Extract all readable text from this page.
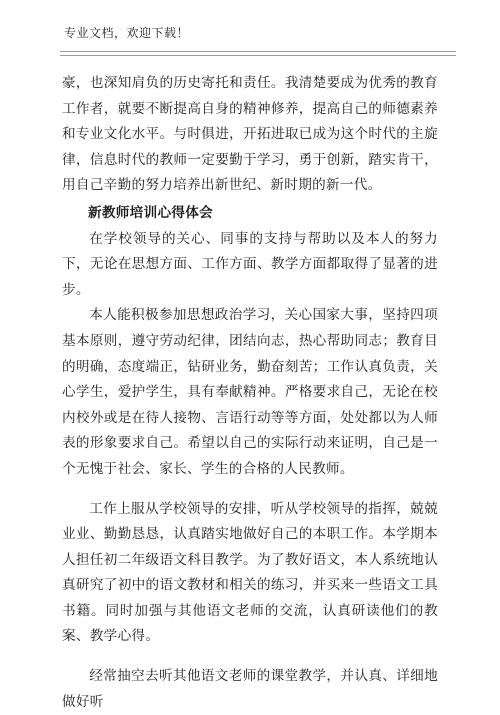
专业文档，欢迎下载！

豪，也深知肩负的历史寄托和责任。我清楚要成为优秀的教育工作者，就要不断提高自身的精神修养，提高自己的师德素养和专业文化水平。与时俱进，开拓进取已成为这个时代的主旋律，信息时代的教师一定要勤于学习，勇于创新，踏实肯干，用自己辛勤的努力培养出新世纪、新时期的新一代。

新教师培训心得体会

在学校领导的关心、同事的支持与帮助以及本人的努力下，无论在思想方面、工作方面、教学方面都取得了显著的进步。

本人能积极参加思想政治学习，关心国家大事，坚持四项基本原则，遵守劳动纪律，团结向志，热心帮助同志；教育目的明确，态度端正，钻研业务，勤奋刻苦；工作认真负责，关心学生，爱护学生，具有奉献精神。严格要求自己，无论在校内校外或是在待人接物、言语行动等等方面，处处都以为人师表的形象要求自己。希望以自己的实际行动来证明，自己是一个无愧于社会、家长、学生的合格的人民教师。

工作上服从学校领导的安排，听从学校领导的指挥，兢兢业业、勤勤恳恳，认真踏实地做好自己的本职工作。本学期本人担任初二年级语文科目教学。为了教好语文，本人系统地认真研究了初中的语文教材和相关的练习，并买来一些语文工具书籍。同时加强与其他语文老师的交流，认真研读他们的教案、教学心得。

经常抽空去听其他语文老师的课堂教学，并认真、详细地做好听
